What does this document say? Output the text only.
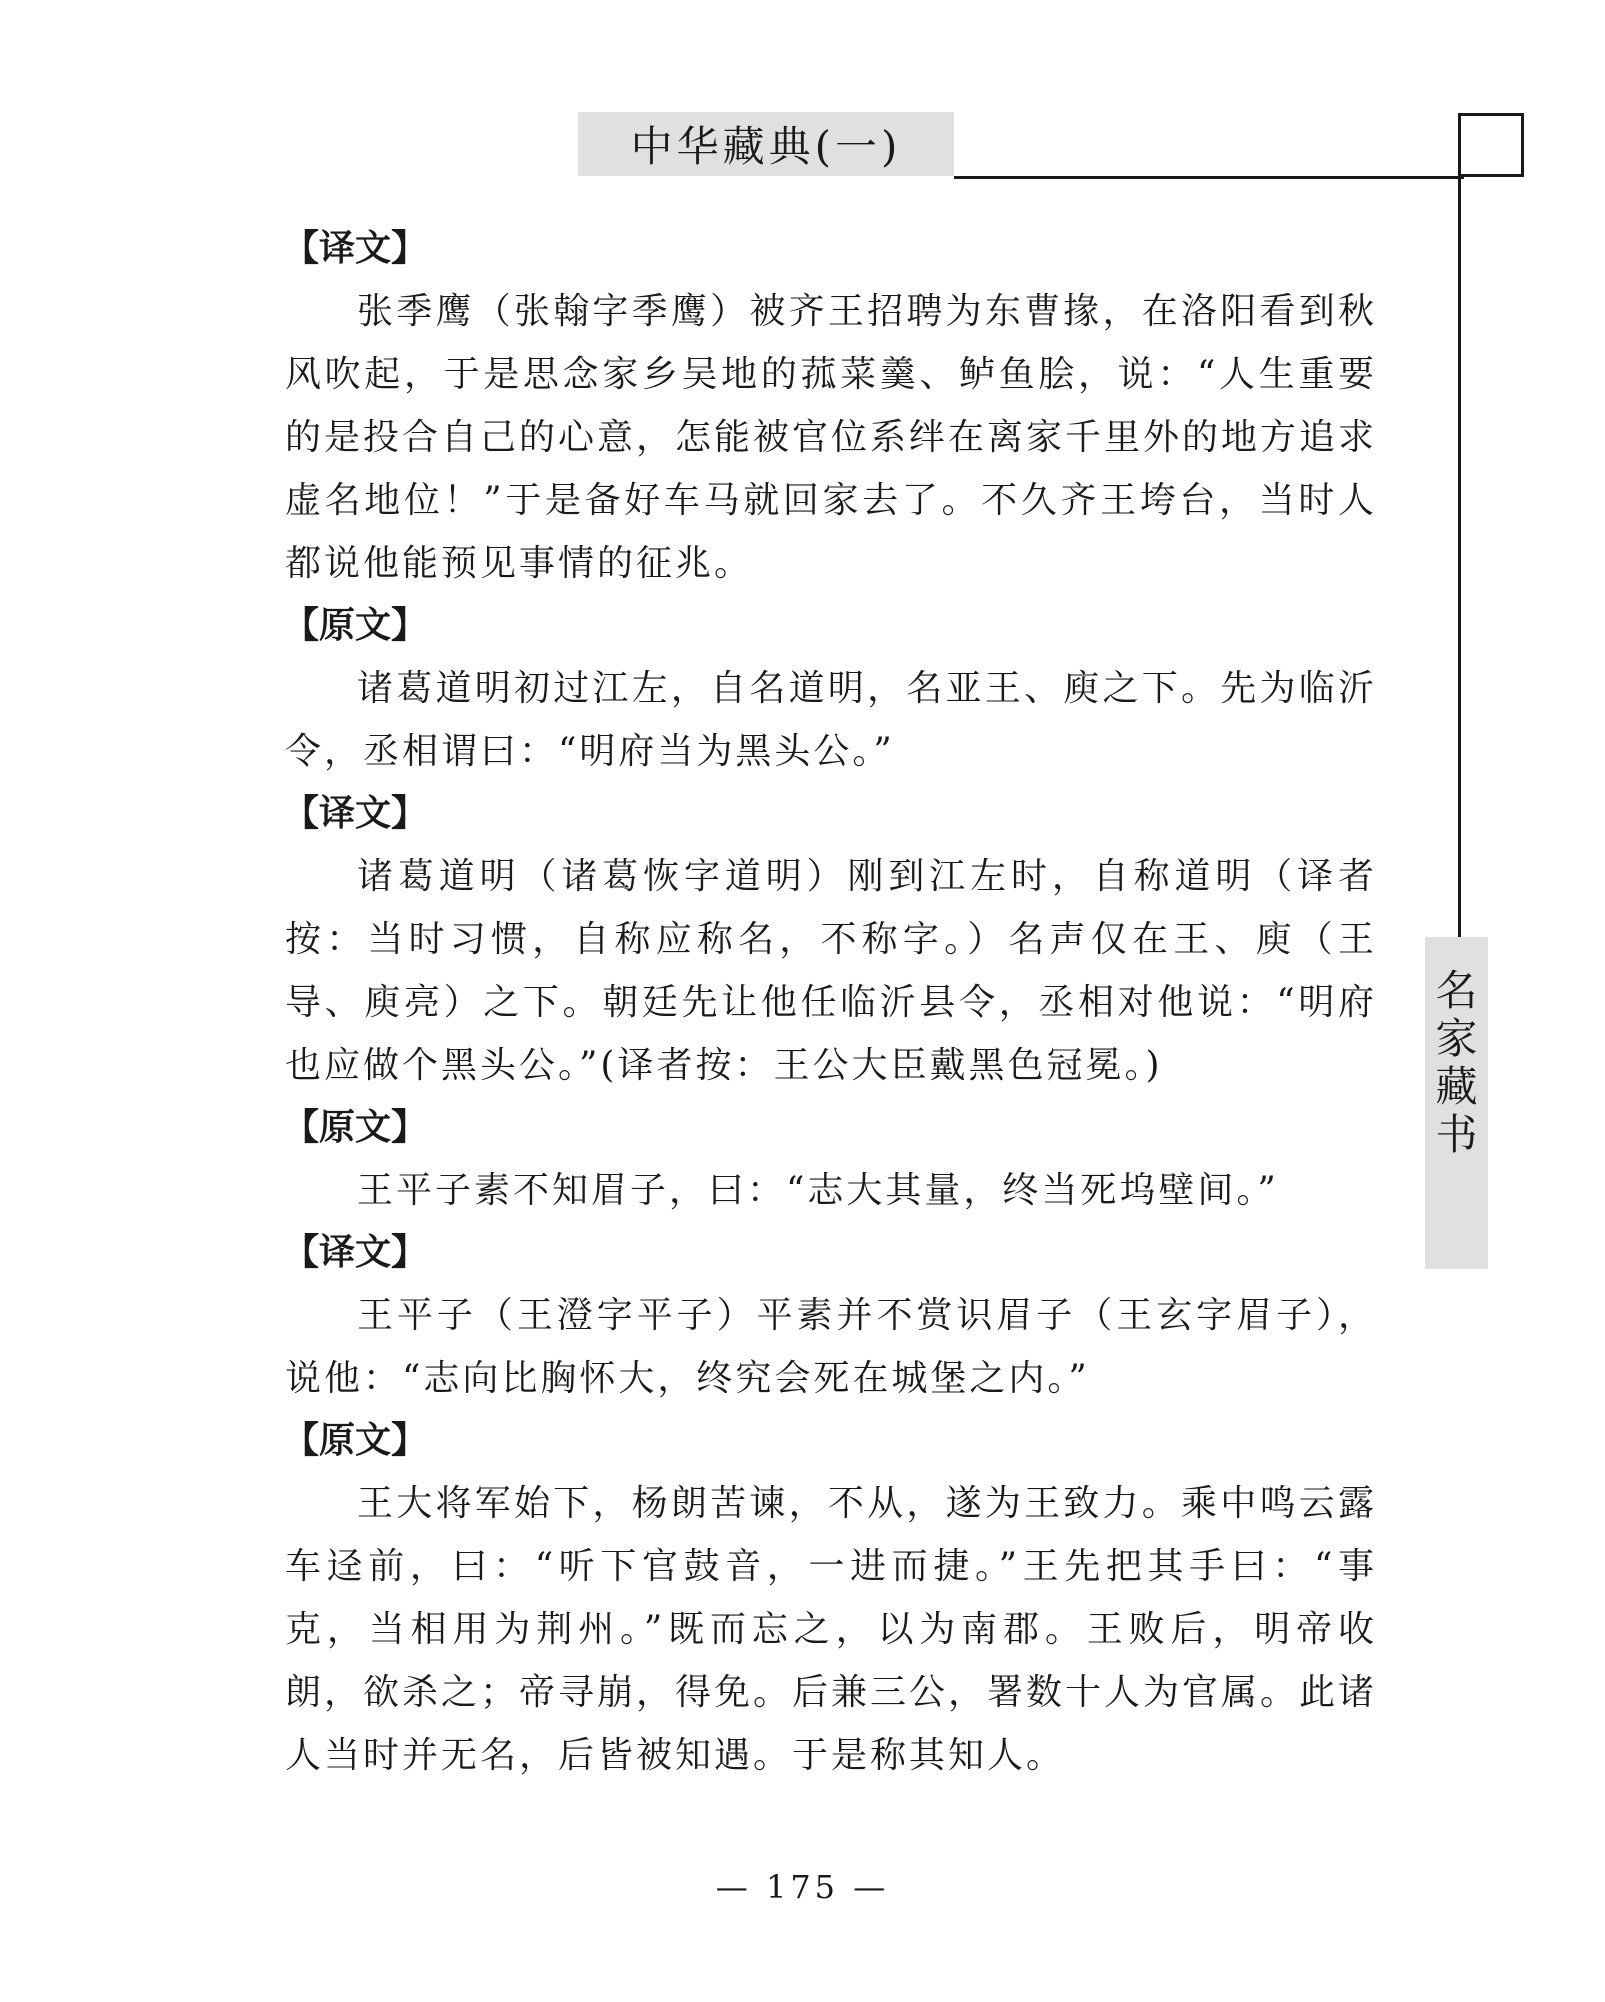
中华藏典(一)
名
家
藏
书
【译文】

张季鹰（张翰字季鹰）被齐王招聘为东曹掾，在洛阳看到秋风吹起，于是思念家乡吴地的菰菜羹、鲈鱼脍，说：“人生重要的是投合自己的心意，怎能被官位系绊在离家千里外的地方追求虚名地位！”于是备好车马就回家去了。不久齐王垮台，当时人都说他能预见事情的征兆。

【原文】

诸葛道明初过江左，自名道明，名亚王、庾之下。先为临沂令，丞相谓曰：“明府当为黑头公。”

【译文】

诸葛道明（诸葛恢字道明）刚到江左时，自称道明（译者按：当时习惯，自称应称名，不称字。）名声仅在王、庾（王导、庾亮）之下。朝廷先让他任临沂县令，丞相对他说：“明府也应做个黑头公。”(译者按：王公大臣戴黑色冠冕。)

【原文】

王平子素不知眉子，曰：“志大其量，终当死坞壁间。”

【译文】

王平子（王澄字平子）平素并不赏识眉子（王玄字眉子），说他：“志向比胸怀大，终究会死在城堡之内。”

【原文】

王大将军始下，杨朗苦谏，不从，遂为王致力。乘中鸣云露车迳前，曰：“听下官鼓音，一进而捷。”王先把其手曰：“事克，当相用为荆州。”既而忘之，以为南郡。王败后，明帝收朗，欲杀之；帝寻崩，得免。后兼三公，署数十人为官属。此诸人当时并无名，后皆被知遇。于是称其知人。

— 175 —
